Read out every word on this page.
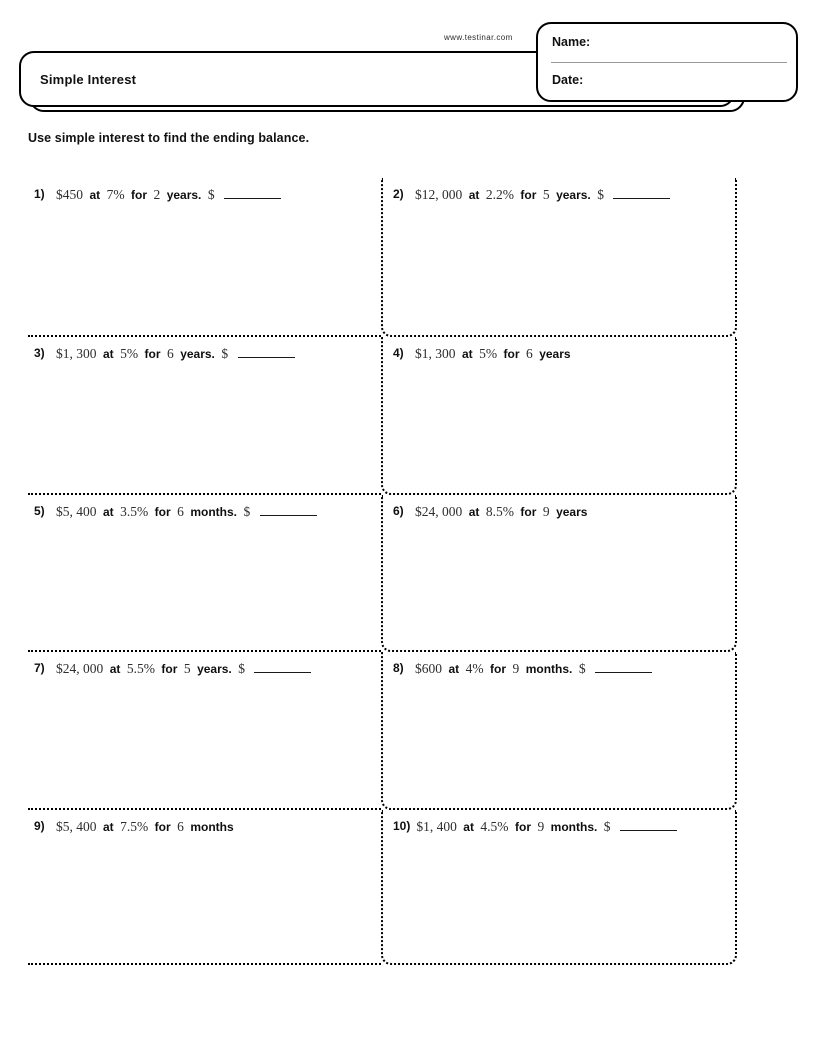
www.testinar.com
Simple Interest
Name:
Date:
Use simple interest to find the ending balance.
1) $450 at 7% for 2 years. $	2) $12, 000 at 2.2% for 5 years. $
3) $1, 300 at 5% for 6 years. $	4) $1, 300 at 5% for 6 years
5) $5, 400 at 3.5% for 6 months. $	6) $24, 000 at 8.5% for 9 years
7) $24, 000 at 5.5% for 5 years. $	8) $600 at 4% for 9 months. $
9) $5, 400 at 7.5% for 6 months	10) $1, 400 at 4.5% for 9 months. $
